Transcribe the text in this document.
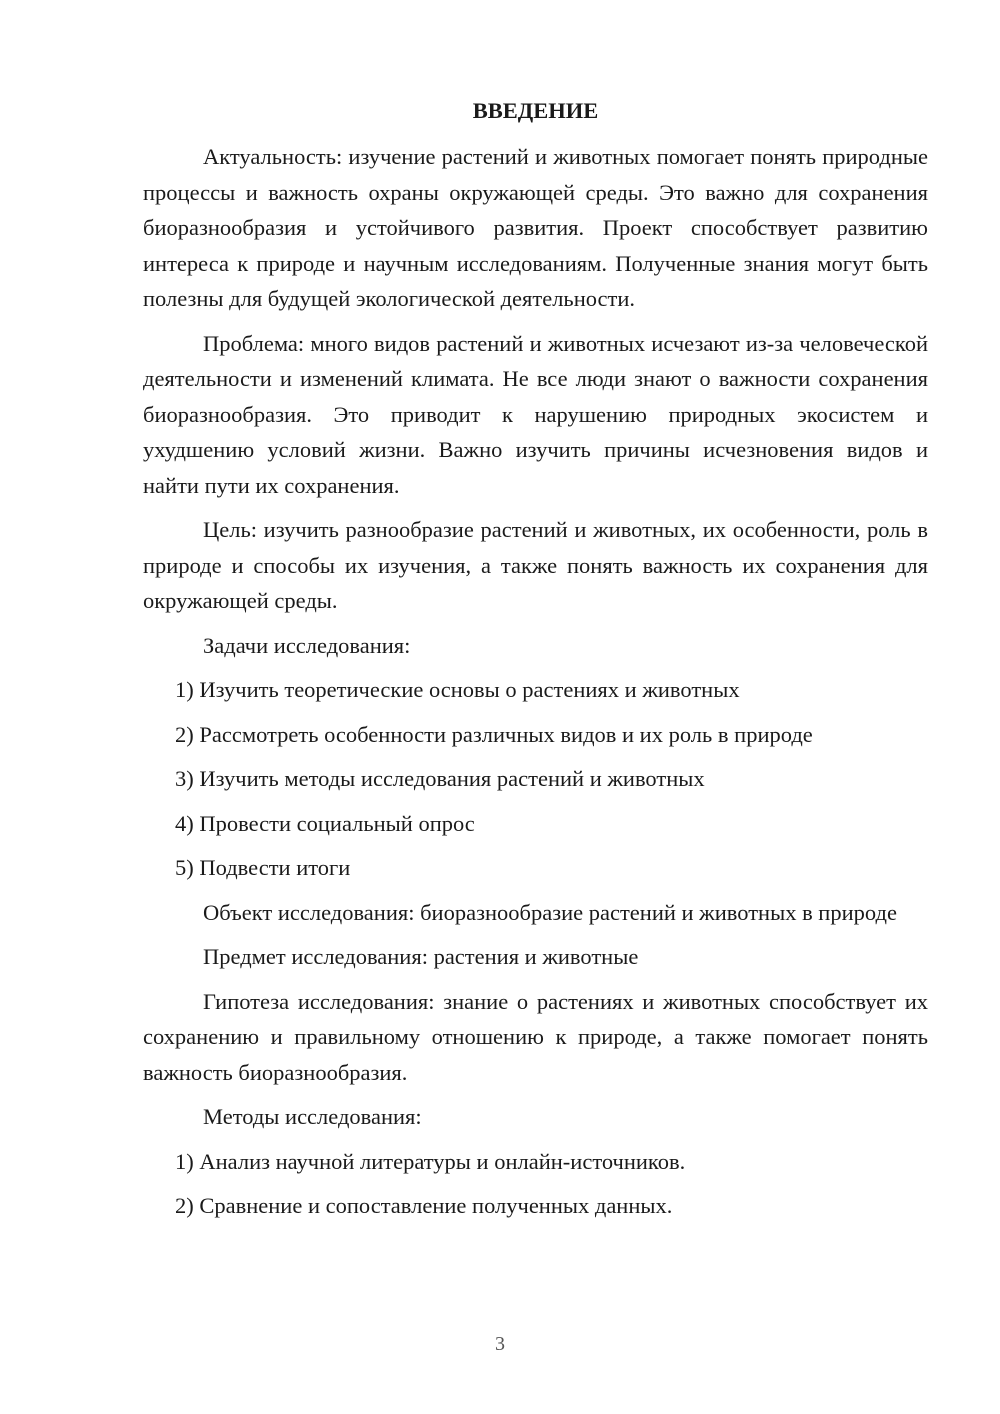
ВВЕДЕНИЕ

Актуальность: изучение растений и животных помогает понять природные процессы и важность охраны окружающей среды. Это важно для сохранения биоразнообразия и устойчивого развития. Проект способствует развитию интереса к природе и научным исследованиям. Полученные знания могут быть полезны для будущей экологической деятельности.

Проблема: много видов растений и животных исчезают из-за человеческой деятельности и изменений климата. Не все люди знают о важности сохранения биоразнообразия. Это приводит к нарушению природных экосистем и ухудшению условий жизни. Важно изучить причины исчезновения видов и найти пути их сохранения.

Цель: изучить разнообразие растений и животных, их особенности, роль в природе и способы их изучения, а также понять важность их сохранения для окружающей среды.

Задачи исследования:

1) Изучить теоретические основы о растениях и животных

2) Рассмотреть особенности различных видов и их роль в природе

3) Изучить методы исследования растений и животных

4) Провести социальный опрос

5) Подвести итоги

Объект исследования: биоразнообразие растений и животных в природе

Предмет исследования: растения и животные

Гипотеза исследования: знание о растениях и животных способствует их сохранению и правильному отношению к природе, а также помогает понять важность биоразнообразия.

Методы исследования:

1) Анализ научной литературы и онлайн-источников.

2) Сравнение и сопоставление полученных данных.

3
